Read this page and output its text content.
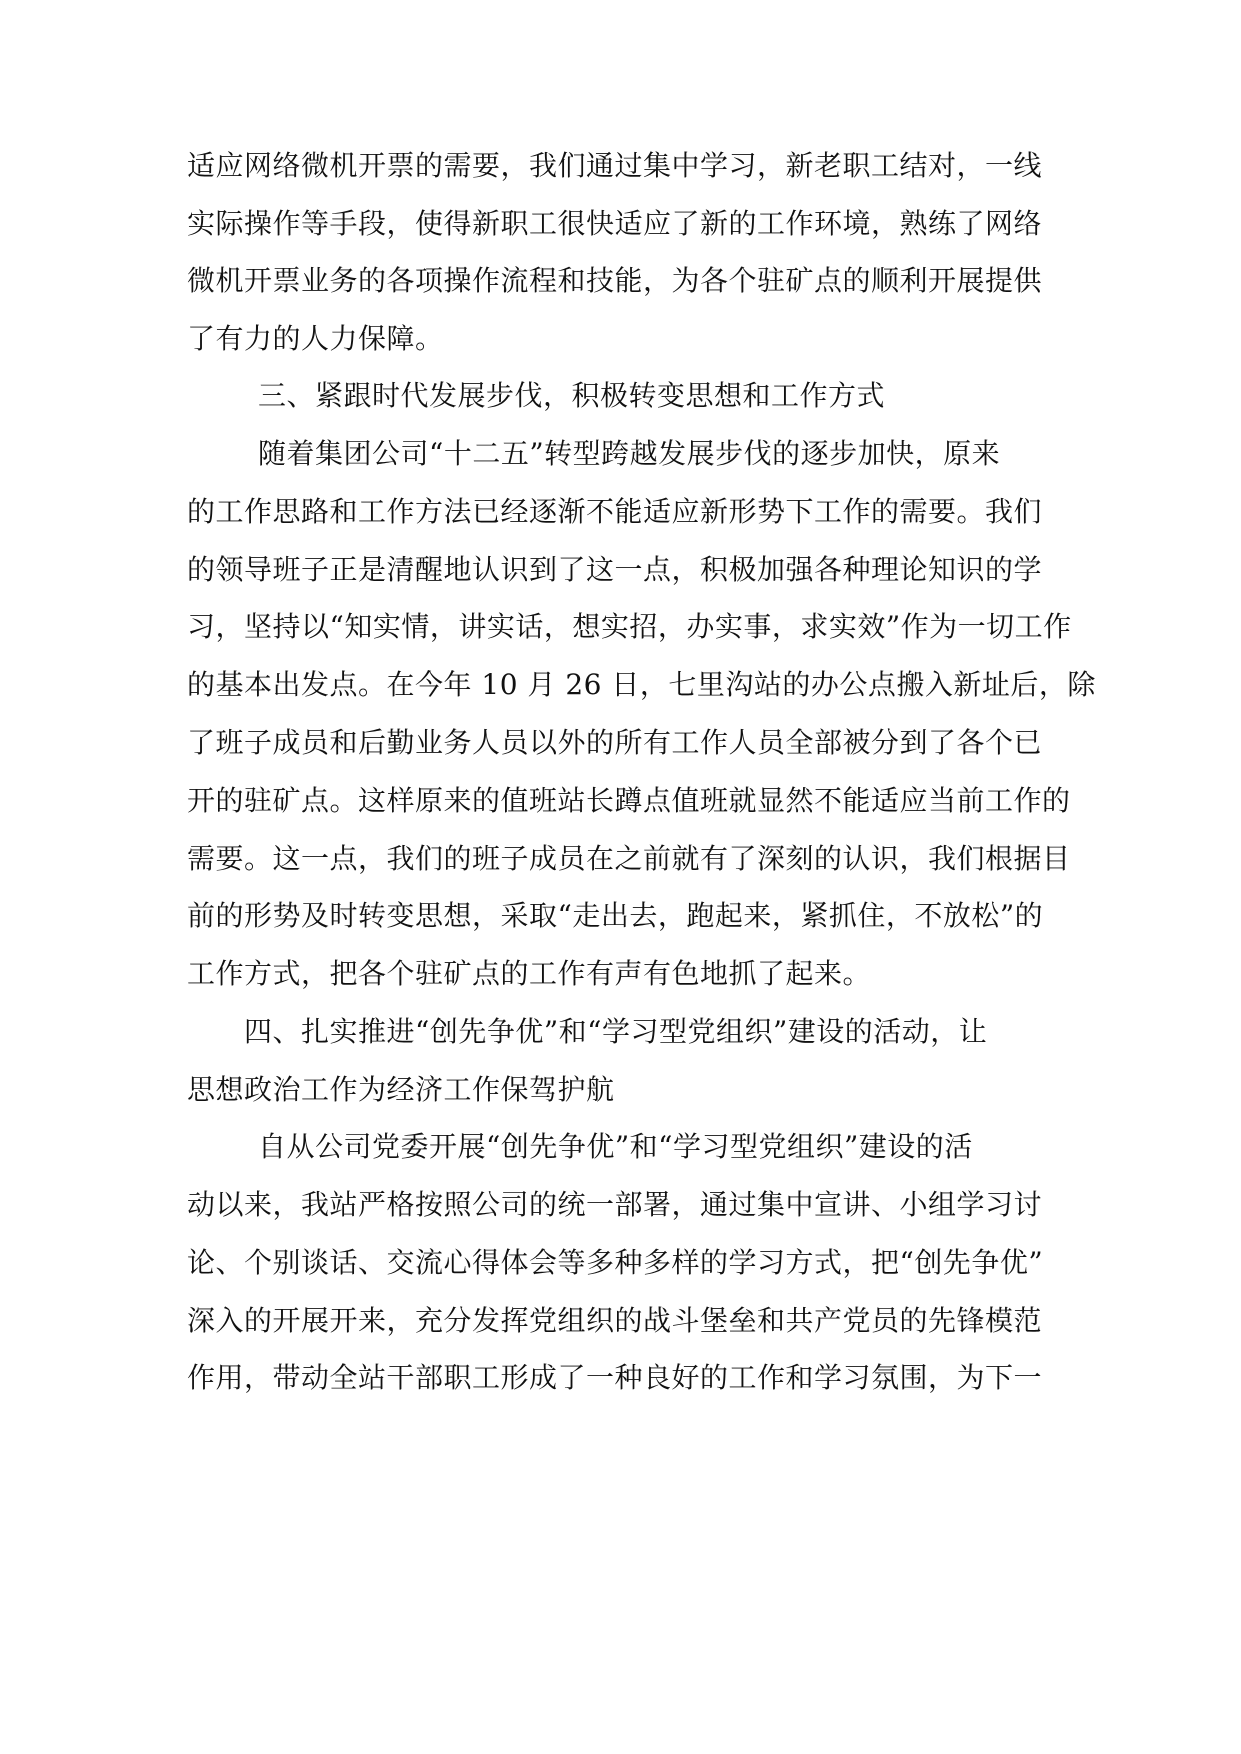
适应网络微机开票的需要，我们通过集中学习，新老职工结对，一线
实际操作等手段，使得新职工很快适应了新的工作环境，熟练了网络
微机开票业务的各项操作流程和技能，为各个驻矿点的顺利开展提供
了有力的人力保障。
三、紧跟时代发展步伐，积极转变思想和工作方式
随着集团公司“十二五”转型跨越发展步伐的逐步加快，原来
的工作思路和工作方法已经逐渐不能适应新形势下工作的需要。我们
的领导班子正是清醒地认识到了这一点，积极加强各种理论知识的学
习，坚持以“知实情，讲实话，想实招，办实事，求实效”作为一切工作
的基本出发点。在今年 10 月 26 日，七里沟站的办公点搬入新址后，除
了班子成员和后勤业务人员以外的所有工作人员全部被分到了各个已
开的驻矿点。这样原来的值班站长蹲点值班就显然不能适应当前工作的
需要。这一点，我们的班子成员在之前就有了深刻的认识，我们根据目
前的形势及时转变思想，采取“走出去，跑起来，紧抓住，不放松”的
工作方式，把各个驻矿点的工作有声有色地抓了起来。
四、扎实推进“创先争优”和“学习型党组织”建设的活动，让
思想政治工作为经济工作保驾护航
自从公司党委开展“创先争优”和“学习型党组织”建设的活
动以来，我站严格按照公司的统一部署，通过集中宣讲、小组学习讨
论、个别谈话、交流心得体会等多种多样的学习方式，把“创先争优”
深入的开展开来，充分发挥党组织的战斗堡垒和共产党员的先锋模范
作用，带动全站干部职工形成了一种良好的工作和学习氛围，为下一
